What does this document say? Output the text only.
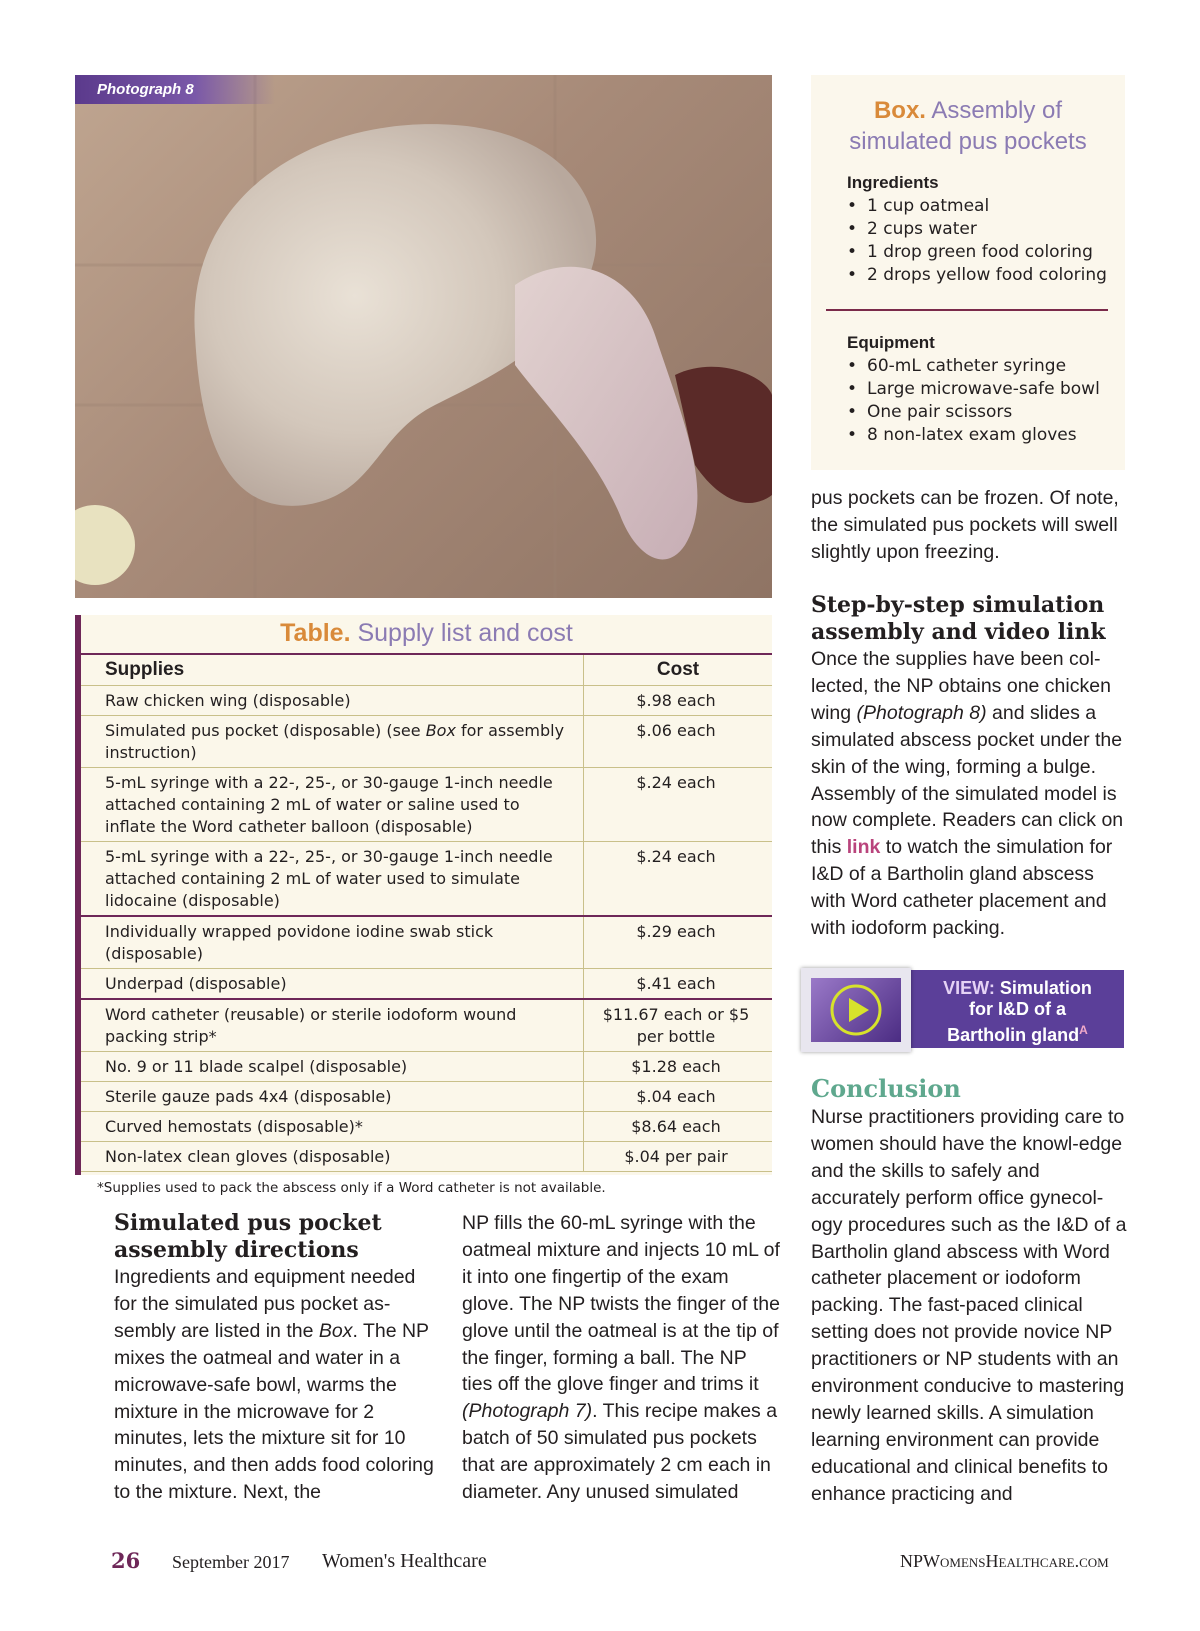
Photograph 8
Box. Assembly of
simulated pus pockets
Ingredients
• 1 cup oatmeal
• 2 cups water
• 1 drop green food coloring
• 2 drops yellow food coloring
Equipment
• 60-mL catheter syringe
• Large microwave-safe bowl
• One pair scissors
• 8 non-latex exam gloves
pus pockets can be frozen. Of note, the simulated pus pockets will swell slightly upon freezing.
Table. Supply list and cost
Supplies	Cost
Raw chicken wing (disposable)	$.98 each
Simulated pus pocket (disposable) (see Box for assembly instruction)	$.06 each
5-mL syringe with a 22-, 25-, or 30-gauge 1-inch needle attached containing 2 mL of water or saline used to inflate the Word catheter balloon (disposable)	$.24 each
5-mL syringe with a 22-, 25-, or 30-gauge 1-inch needle attached containing 2 mL of water used to simulate lidocaine (disposable)	$.24 each
Individually wrapped povidone iodine swab stick (disposable)	$.29 each
Underpad (disposable)	$.41 each
Word catheter (reusable) or sterile iodoform wound packing strip*	$11.67 each or $5 per bottle
No. 9 or 11 blade scalpel (disposable)	$1.28 each
Sterile gauze pads 4x4 (disposable)	$.04 each
Curved hemostats (disposable)*	$8.64 each
Non-latex clean gloves (disposable)	$.04 per pair
*Supplies used to pack the abscess only if a Word catheter is not available.
Step-by-step simulation assembly and video link
Once the supplies have been col-lected, the NP obtains one chicken wing (Photograph 8) and slides a simulated abscess pocket under the skin of the wing, forming a bulge. Assembly of the simulated model is now complete. Readers can click on this link to watch the simulation for I&D of a Bartholin gland abscess with Word catheter placement and with iodoform packing.
VIEW: Simulation
for I&D of a
Bartholin gland$^A$
Conclusion
Nurse practitioners providing care to women should have the knowl-edge and the skills to safely and accurately perform office gynecol-ogy procedures such as the I&D of a Bartholin gland abscess with Word catheter placement or iodoform packing. The fast-paced clinical setting does not provide novice NP practitioners or NP students with an environment conducive to mastering newly learned skills. A simulation learning environment can provide educational and clinical benefits to enhance practicing and
Simulated pus pocket assembly directions
Ingredients and equipment needed for the simulated pus pocket as-sembly are listed in the Box. The NP mixes the oatmeal and water in a microwave-safe bowl, warms the mixture in the microwave for 2 minutes, lets the mixture sit for 10 minutes, and then adds food coloring to the mixture. Next, the
NP fills the 60-mL syringe with the oatmeal mixture and injects 10 mL of it into one fingertip of the exam glove. The NP twists the finger of the glove until the oatmeal is at the tip of the finger, forming a ball. The NP ties off the glove finger and trims it (Photograph 7). This recipe makes a batch of 50 simulated pus pockets that are approximately 2 cm each in diameter. Any unused simulated
26 September 2017 Women's Healthcare	NPWomensHealthcare.com
